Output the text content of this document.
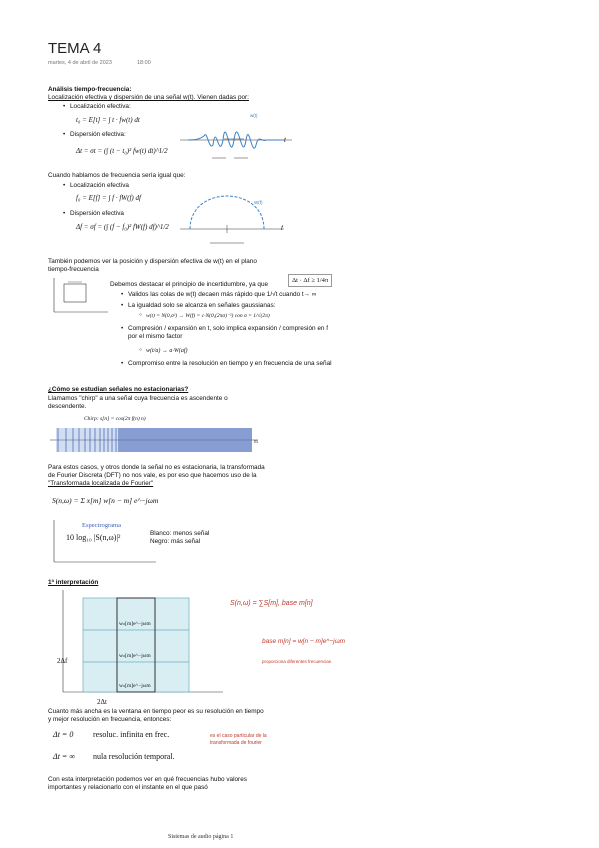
TEMA 4
martes, 4 de abril de 2023	18:00
Análisis tiempo-frecuencia:
Localización efectiva y dispersión de una señal w(t). Vienen dadas por:
• Localización efectiva:
t₀ = E[t] = ∫ t · fw(t) dt
• Dispersión efectiva:
Δt = σt = (∫ (t − t₀)² fw(t) dt)^1/2
w(t)
t
Cuando hablamos de frecuencia sería igual que:
• Localización efectiva
f₀ = E[f] = ∫ f · fW(f) df
• Dispersión efectiva
Δf = σf = (∫ (f − f₀)² fW(f) df)^1/2
W(f)
f
También podemos ver la posición y dispersión efectiva de w(t) en el plano
tiempo-frecuencia
Debemos destacar el principio de incertidumbre, ya que
Δt · Δf ≥ 1/4π
• Validos las colas de w(t) decaen más rápido que 1/√t cuando t→ ∞
• La igualdad solo se alcanza en señales gaussianas:
○ w(t) = N(0,σ²) → W(f) = c·N(0,(2πσ)⁻²) con σ = 1/√(2π)
• Compresión / expansión en t, solo implica expansión / compresión en f
por el mismo factor
○ w(t/a) → a·W(af)
• Compromiso entre la resolución en tiempo y en frecuencia de una señal
¿Cómo se estudian señales no estacionarias?
Llamamos "chirp" a una señal cuya frecuencia es ascendente o
descendente.
m
Chirp: s[n] = cos(2π f(n) n)
Para estos casos, y otros donde la señal no es estacionaria, la transformada
de Fourier Discreta (DFT) no nos vale, es por eso que hacemos uso de la
"Transformada localizada de Fourier"
S(n,ω) = Σ x[m] w[n − m] e^−jωm
Espectrograma
10 log₁₀ |S(n,ω)|²	Blanco: menos señal
Negro: más señal
1ª interpretación
wₙ[m]e^−jωm
wₙ[m]e^−jωm
wₙ[m]e^−jωm
2Δf
2Δt
S(n,ω) = ∑S[m], base m[n]
base m[n] = w[n − m]e^−jωm
proporciona diferentes frecuencias
Cuanto más ancha es la ventana en tiempo peor es su resolución en tiempo
y mejor resolución en frecuencia, entonces:
Δt = 0 resoluc. infinita en frec.
Δt = ∞ nula resolución temporal.
es el caso particular de la transformada de fourier
Con esta interpretación podemos ver en qué frecuencias hubo valores
importantes y relacionarlo con el instante en el que pasó
Sistemas de audio página 1
